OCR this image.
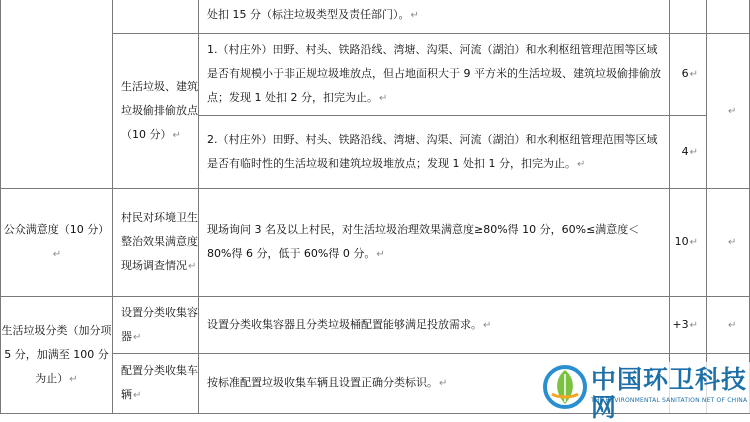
		处扣 15 分（标注垃圾类型及责任部门）。↵		
	生活垃圾、建筑垃圾偷排偷放点（10 分）↵	1.（村庄外）田野、村头、铁路沿线、湾塘、沟渠、河流（湖泊）和水利枢纽管理范围等区域是否有规模小于非正规垃圾堆放点，但占地面积大于 9 平方米的生活垃圾、建筑垃圾偷排偷放点；发现 1 处扣 2 分，扣完为止。↵	6↵	↵
		2.（村庄外）田野、村头、铁路沿线、湾塘、沟渠、河流（湖泊）和水利枢纽管理范围等区域是否有临时性的生活垃圾和建筑垃圾堆放点；发现 1 处扣 1 分，扣完为止。↵	4↵	
公众满意度（10 分）↵	村民对环境卫生整治效果满意度现场调查情况↵	现场询问 3 名及以上村民，对生活垃圾治理效果满意度≥80%得 10 分，60%≤满意度＜80%得 6 分，低于 60%得 0 分。↵	10↵	↵
生活垃圾分类（加分项 5 分，加满至 100 分为止）↵	设置分类收集容器↵	设置分类收集容器且分类垃圾桶配置能够满足投放需求。↵	+3↵	↵
	配置分类收集车辆↵	按标准配置垃圾收集车辆且设置正确分类标识。↵			中国环卫科技网
THE ENVIRONMENTAL SANITATION NET OF CHINA
